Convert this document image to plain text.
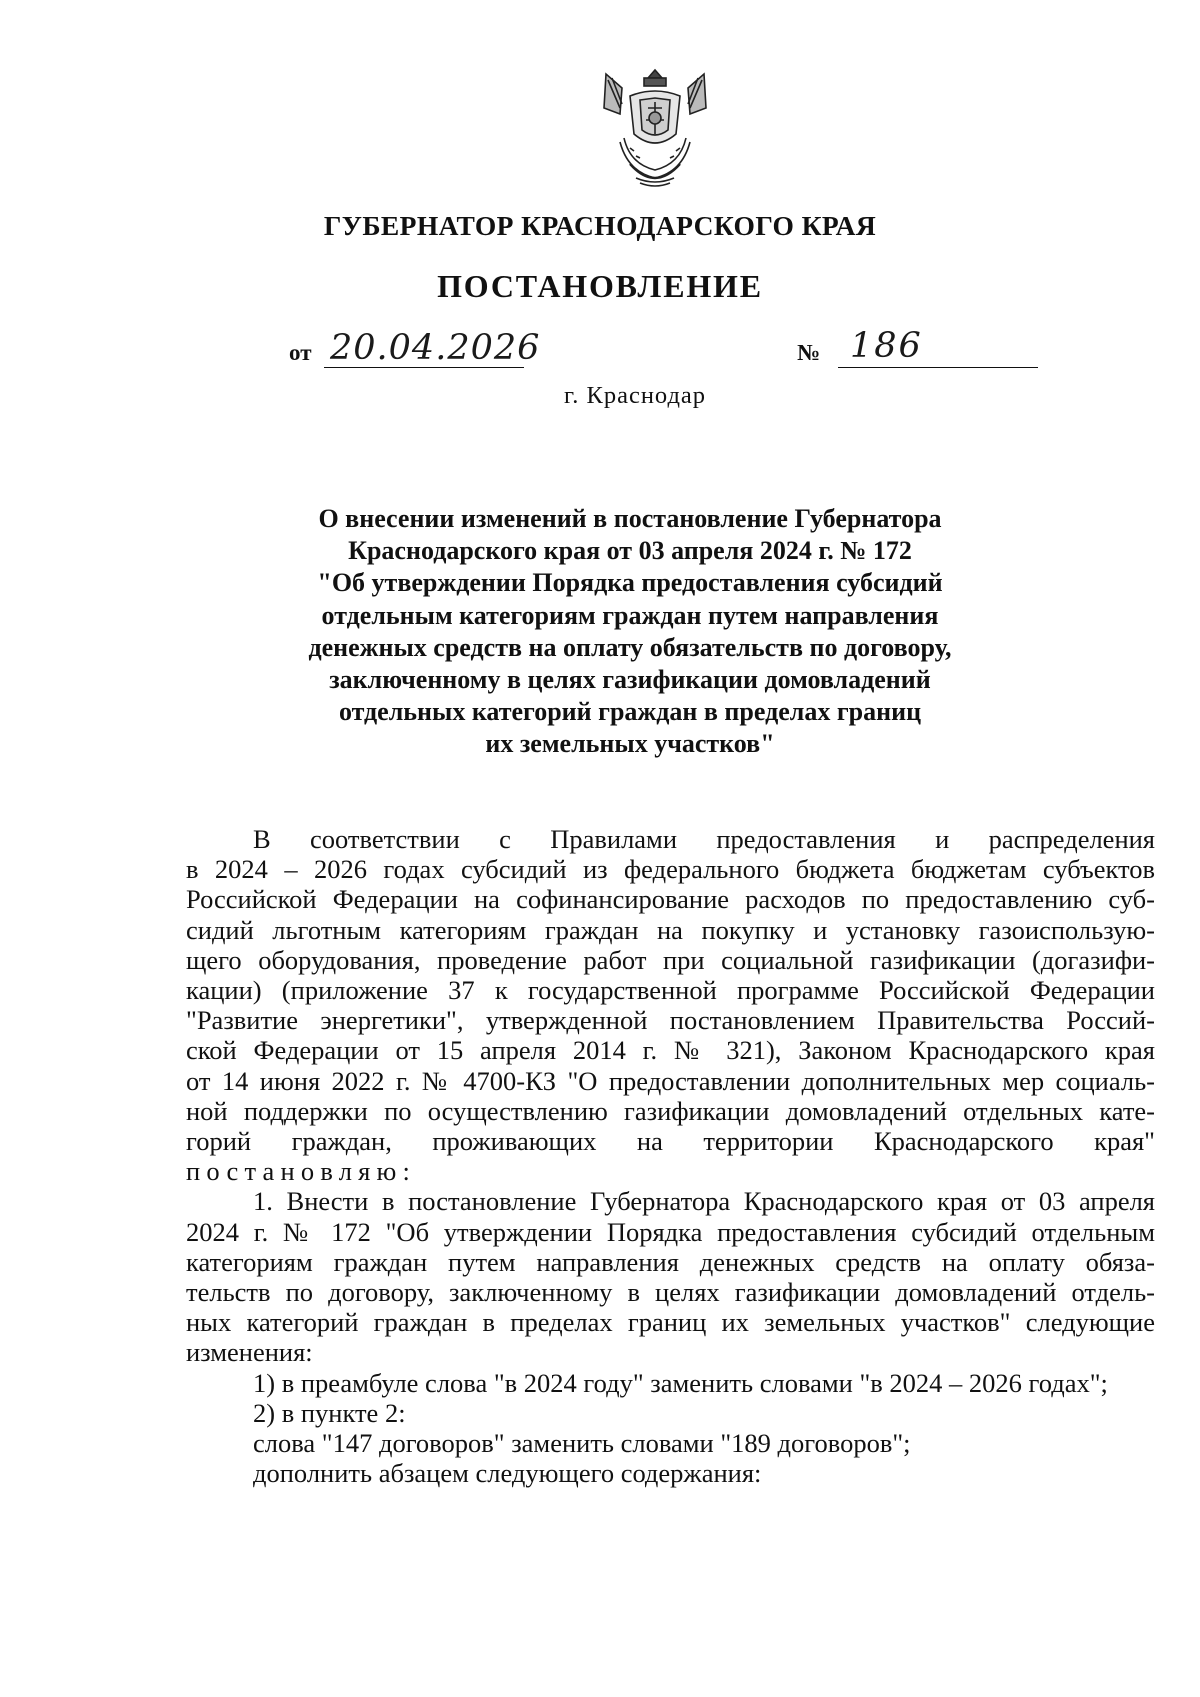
ГУБЕРНАТОР КРАСНОДАРСКОГО КРАЯ
ПОСТАНОВЛЕНИЕ
от 20.04.2026	№ 186
г. Краснодар
О внесении изменений в постановление Губернатора
Краснодарского края от 03 апреля 2024 г. № 172
"Об утверждении Порядка предоставления субсидий
отдельным категориям граждан путем направления
денежных средств на оплату обязательств по договору,
заключенному в целях газификации домовладений
отдельных категорий граждан в пределах границ
их земельных участков"
В соответствии с Правилами предоставления и распределения
в 2024 – 2026 годах субсидий из федерального бюджета бюджетам субъектов
Российской Федерации на софинансирование расходов по предоставлению суб-
сидий льготным категориям граждан на покупку и установку газоиспользую-
щего оборудования, проведение работ при социальной газификации (догазифи-
кации) (приложение 37 к государственной программе Российской Федерации
"Развитие энергетики", утвержденной постановлением Правительства Россий-
ской Федерации от 15 апреля 2014 г. № 321), Законом Краснодарского края
от 14 июня 2022 г. № 4700-КЗ "О предоставлении дополнительных мер социаль-
ной поддержки по осуществлению газификации домовладений отдельных кате-
горий граждан, проживающих на территории Краснодарского края"
постановляю:
1. Внести в постановление Губернатора Краснодарского края от 03 апреля
2024 г. № 172 "Об утверждении Порядка предоставления субсидий отдельным
категориям граждан путем направления денежных средств на оплату обяза-
тельств по договору, заключенному в целях газификации домовладений отдель-
ных категорий граждан в пределах границ их земельных участков" следующие
изменения:
1) в преамбуле слова "в 2024 году" заменить словами "в 2024 – 2026 годах";
2) в пункте 2:
слова "147 договоров" заменить словами "189 договоров";
дополнить абзацем следующего содержания:
